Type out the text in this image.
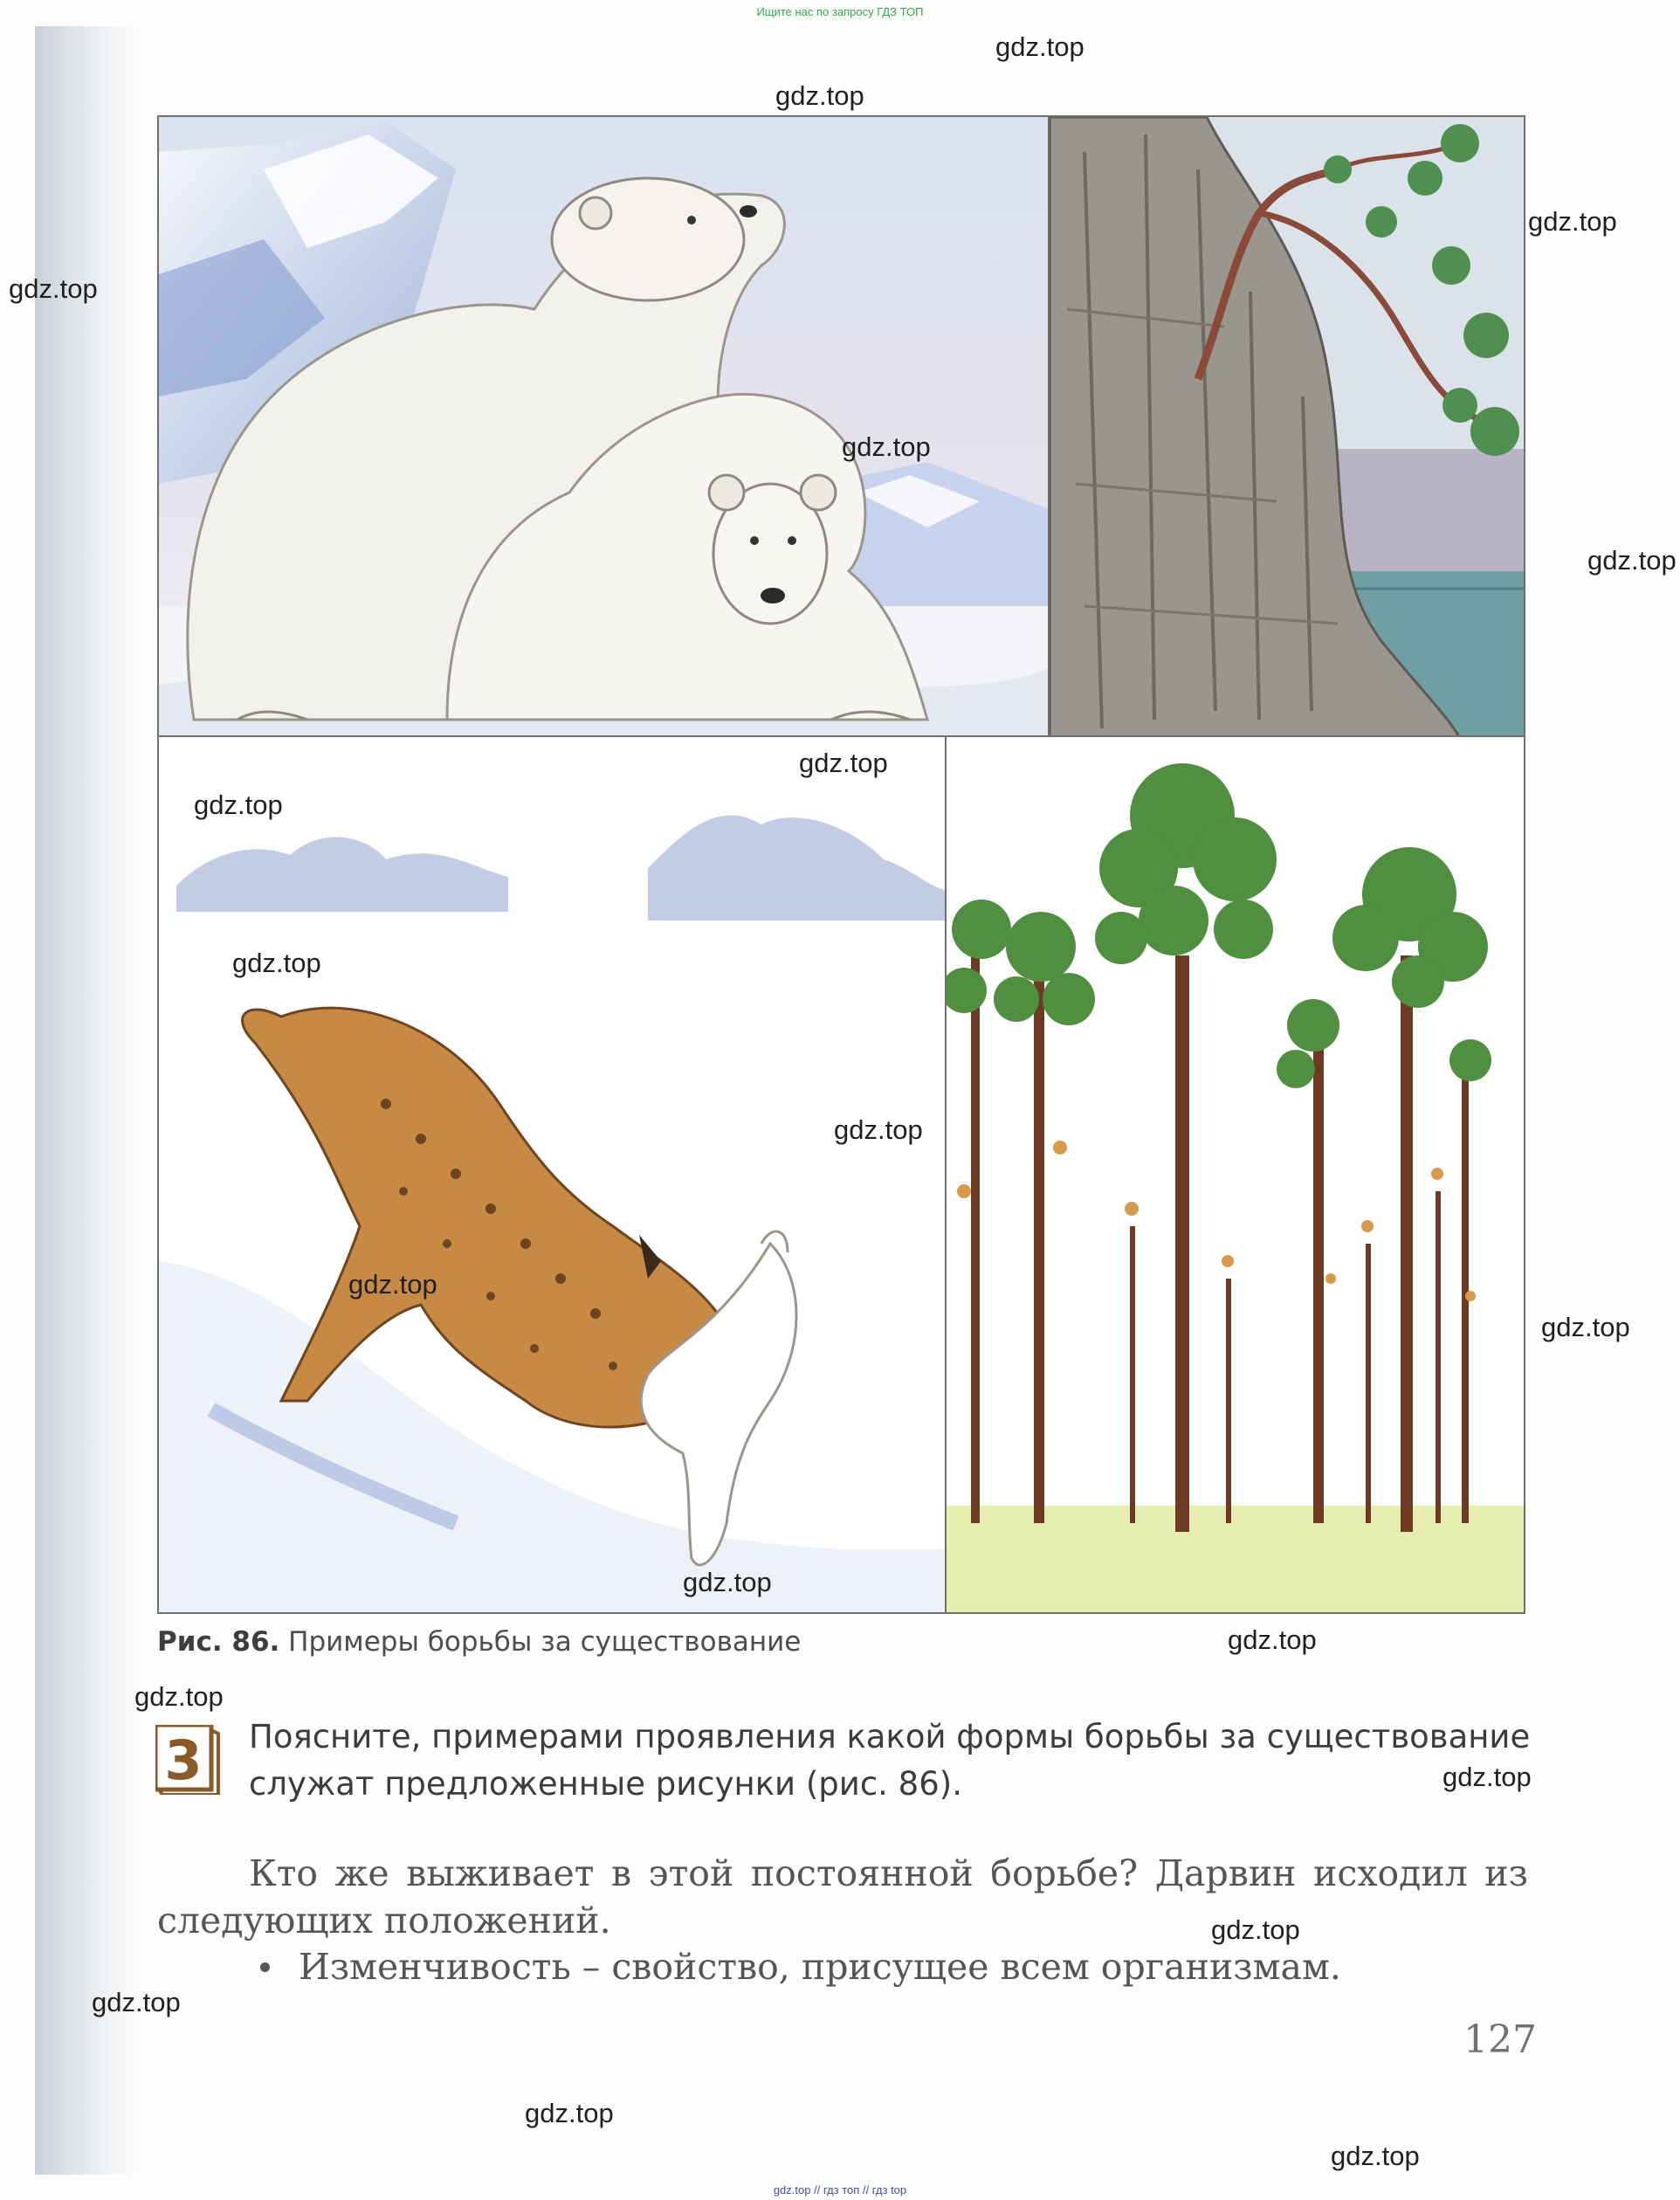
Ищите нас по запросу ГДЗ ТОП
Рис. 86. Примеры борьбы за существование
3 Поясните, примерами проявления какой формы борьбы за существование служат предложенные рисунки (рис. 86).
Кто же выживает в этой постоянной борьбе? Дарвин исходил из следующих положений.
Изменчивость – свойство, присущее всем организмам.
127
gdz.top
gdz.top
gdz.top
gdz.top
gdz.top
gdz.top
gdz.top
gdz.top
gdz.top
gdz.top
gdz.top
gdz.top
gdz.top
gdz.top
gdz.top
gdz.top
gdz.top
gdz.top
gdz.top
gdz.top
gdz.top // гдз топ // гдз top
